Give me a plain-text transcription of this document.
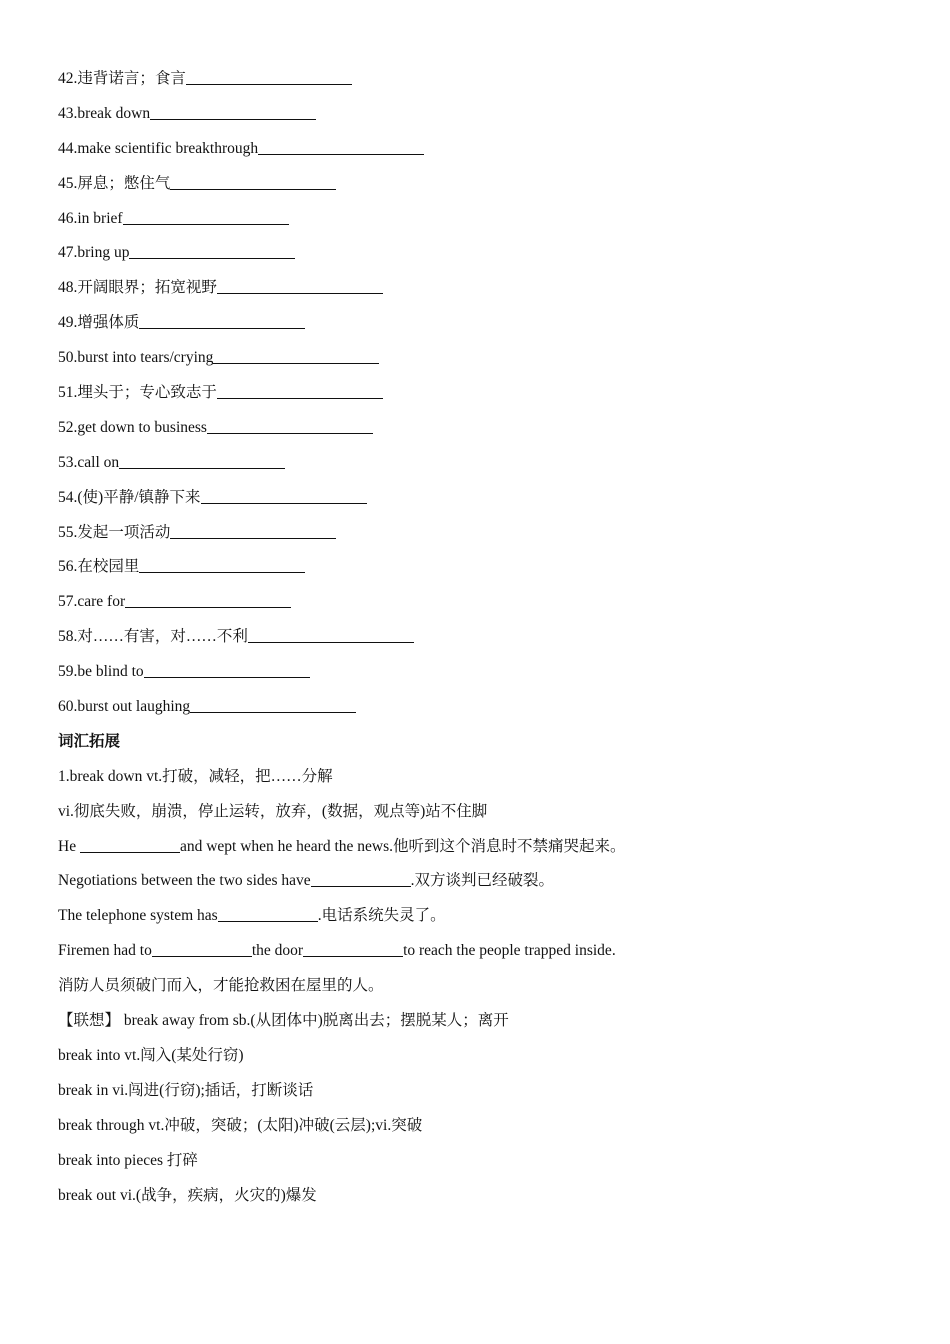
42.违背诺言；食言
43.break down
44.make scientific breakthrough
45.屏息；憋住气
46.in brief
47.bring up
48.开阔眼界；拓宽视野
49.增强体质
50.burst into tears/crying
51.埋头于；专心致志于
52.get down to business
53.call on
54.(使)平静/镇静下来
55.发起一项活动
56.在校园里
57.care for
58.对……有害，对……不利
59.be blind to
60.burst out laughing
词汇拓展
1.break down vt.打破，减轻，把……分解
vi.彻底失败，崩溃，停止运转，放弃，(数据，观点等)站不住脚
He	and wept when he heard the news.他听到这个消息时不禁痛哭起来。
Negotiations between the two sides have	.双方谈判已经破裂。
The telephone system has	.电话系统失灵了。
Firemen had to	the door	to reach the people trapped inside.
消防人员须破门而入，才能抢救困在屋里的人。
【联想】 break away from sb.(从团体中)脱离出去；摆脱某人；离开
break into vt.闯入(某处行窃)
break in vi.闯进(行窃);插话，打断谈话
break through vt.冲破，突破；(太阳)冲破(云层);vi.突破
break into pieces 打碎
break out vi.(战争，疾病，火灾的)爆发
